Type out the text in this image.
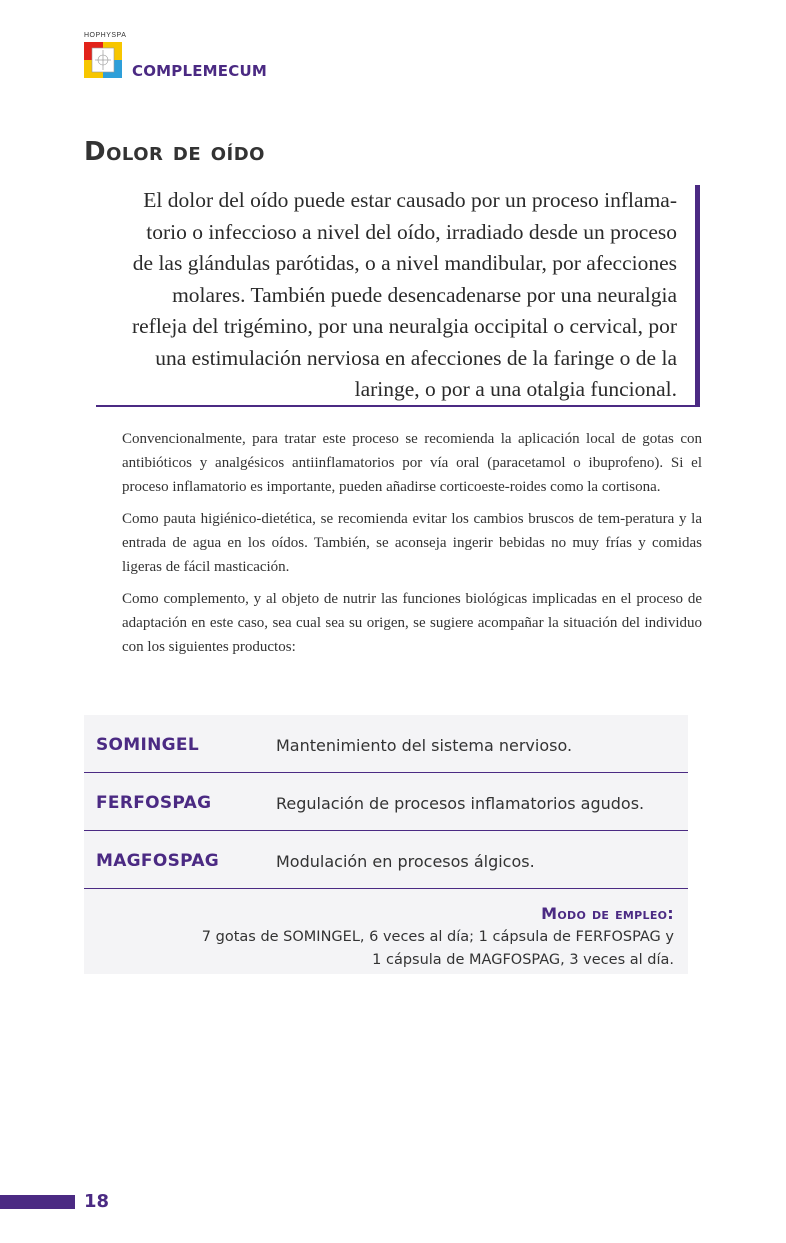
HOPHYSPA
COMPLEMECUM
Dolor de oído

El dolor del oído puede estar causado por un proceso inflama-

torio o infeccioso a nivel del oído, irradiado desde un proceso

de las glándulas parótidas, o a nivel mandibular, por afecciones

molares. También puede desencadenarse por una neuralgia

refleja del trigémino, por una neuralgia occipital o cervical, por

una estimulación nerviosa en afecciones de la faringe o de la

laringe, o por a una otalgia funcional.

Convencionalmente, para tratar este proceso se recomienda la aplicación local de gotas con antibióticos y analgésicos antiinflamatorios por vía oral (paracetamol o ibuprofeno). Si el proceso inflamatorio es importante, pueden añadirse corticoeste-roides como la cortisona.

Como pauta higiénico-dietética, se recomienda evitar los cambios bruscos de tem-peratura y la entrada de agua en los oídos. También, se aconseja ingerir bebidas no muy frías y comidas ligeras de fácil masticación.

Como complemento, y al objeto de nutrir las funciones biológicas implicadas en el proceso de adaptación en este caso, sea cual sea su origen, se sugiere acompañar la situación del individuo con los siguientes productos:

SOMINGEL	Mantenimiento del sistema nervioso.
FERFOSPAG	Regulación de procesos inflamatorios agudos.
MAGFOSPAG	Modulación en procesos álgicos.
Modo de empleo:
7 gotas de SOMINGEL, 6 veces al día; 1 cápsula de FERFOSPAG y
1 cápsula de MAGFOSPAG, 3 veces al día.
18
